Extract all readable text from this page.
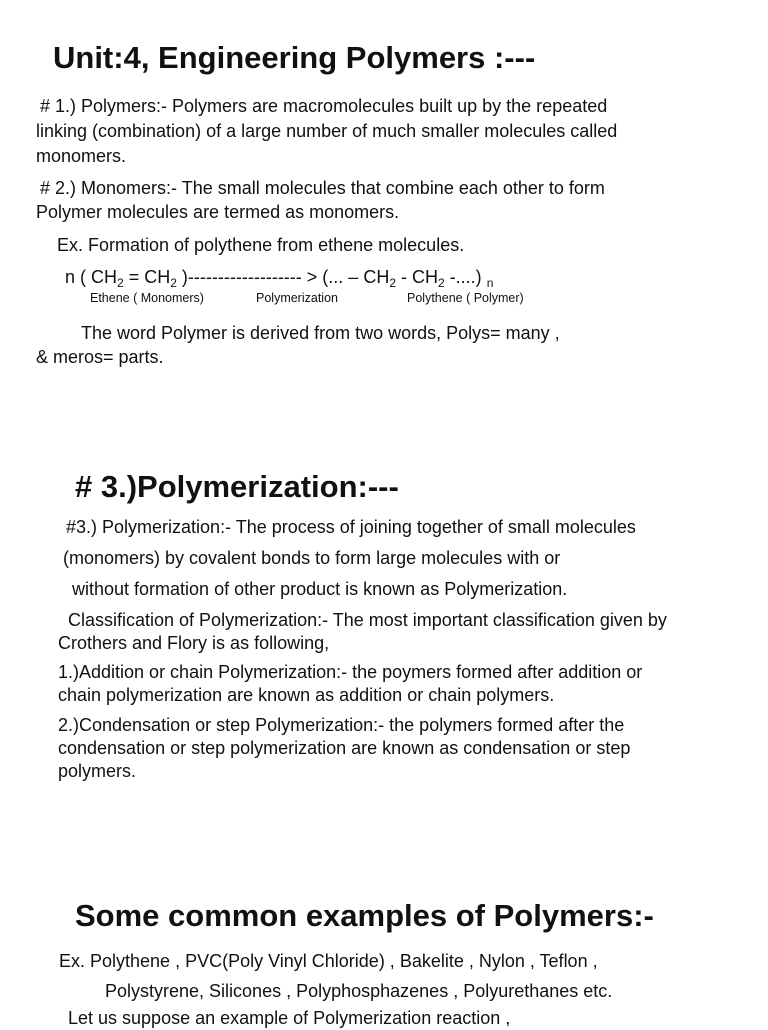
Unit:4, Engineering Polymers :---

# 1.) Polymers:- Polymers are macromolecules built up by the repeated

linking (combination) of a large number of much smaller molecules called

monomers.

# 2.) Monomers:- The small molecules that combine each other to form

Polymer molecules are termed as monomers.

Ex. Formation of polythene from ethene molecules.

n ( $CH_2 = CH_2$ )------------------- > (... – $CH_2 - CH_2$ -....) $_n$

Ethene ( Monomers)	Polymerization	Polythene ( Polymer)

The word Polymer is derived from two words, Polys= many ,

& meros= parts.

# 3.)Polymerization:---

#3.) Polymerization:- The process of joining together of small molecules

(monomers) by covalent bonds to form large molecules with or

without formation of other product is known as Polymerization.

Classification of Polymerization:- The most important classification given by

Crothers and Flory is as following,

1.)Addition or chain Polymerization:- the poymers formed after addition or

chain polymerization are known as addition or chain polymers.

2.)Condensation or step Polymerization:- the polymers formed after the

condensation or step polymerization are known as condensation or step

polymers.

Some common examples of Polymers:-

Ex. Polythene , PVC(Poly Vinyl Chloride) , Bakelite , Nylon , Teflon ,

Polystyrene, Silicones , Polyphosphazenes , Polyurethanes etc.

Let us suppose an example of Polymerization reaction ,
